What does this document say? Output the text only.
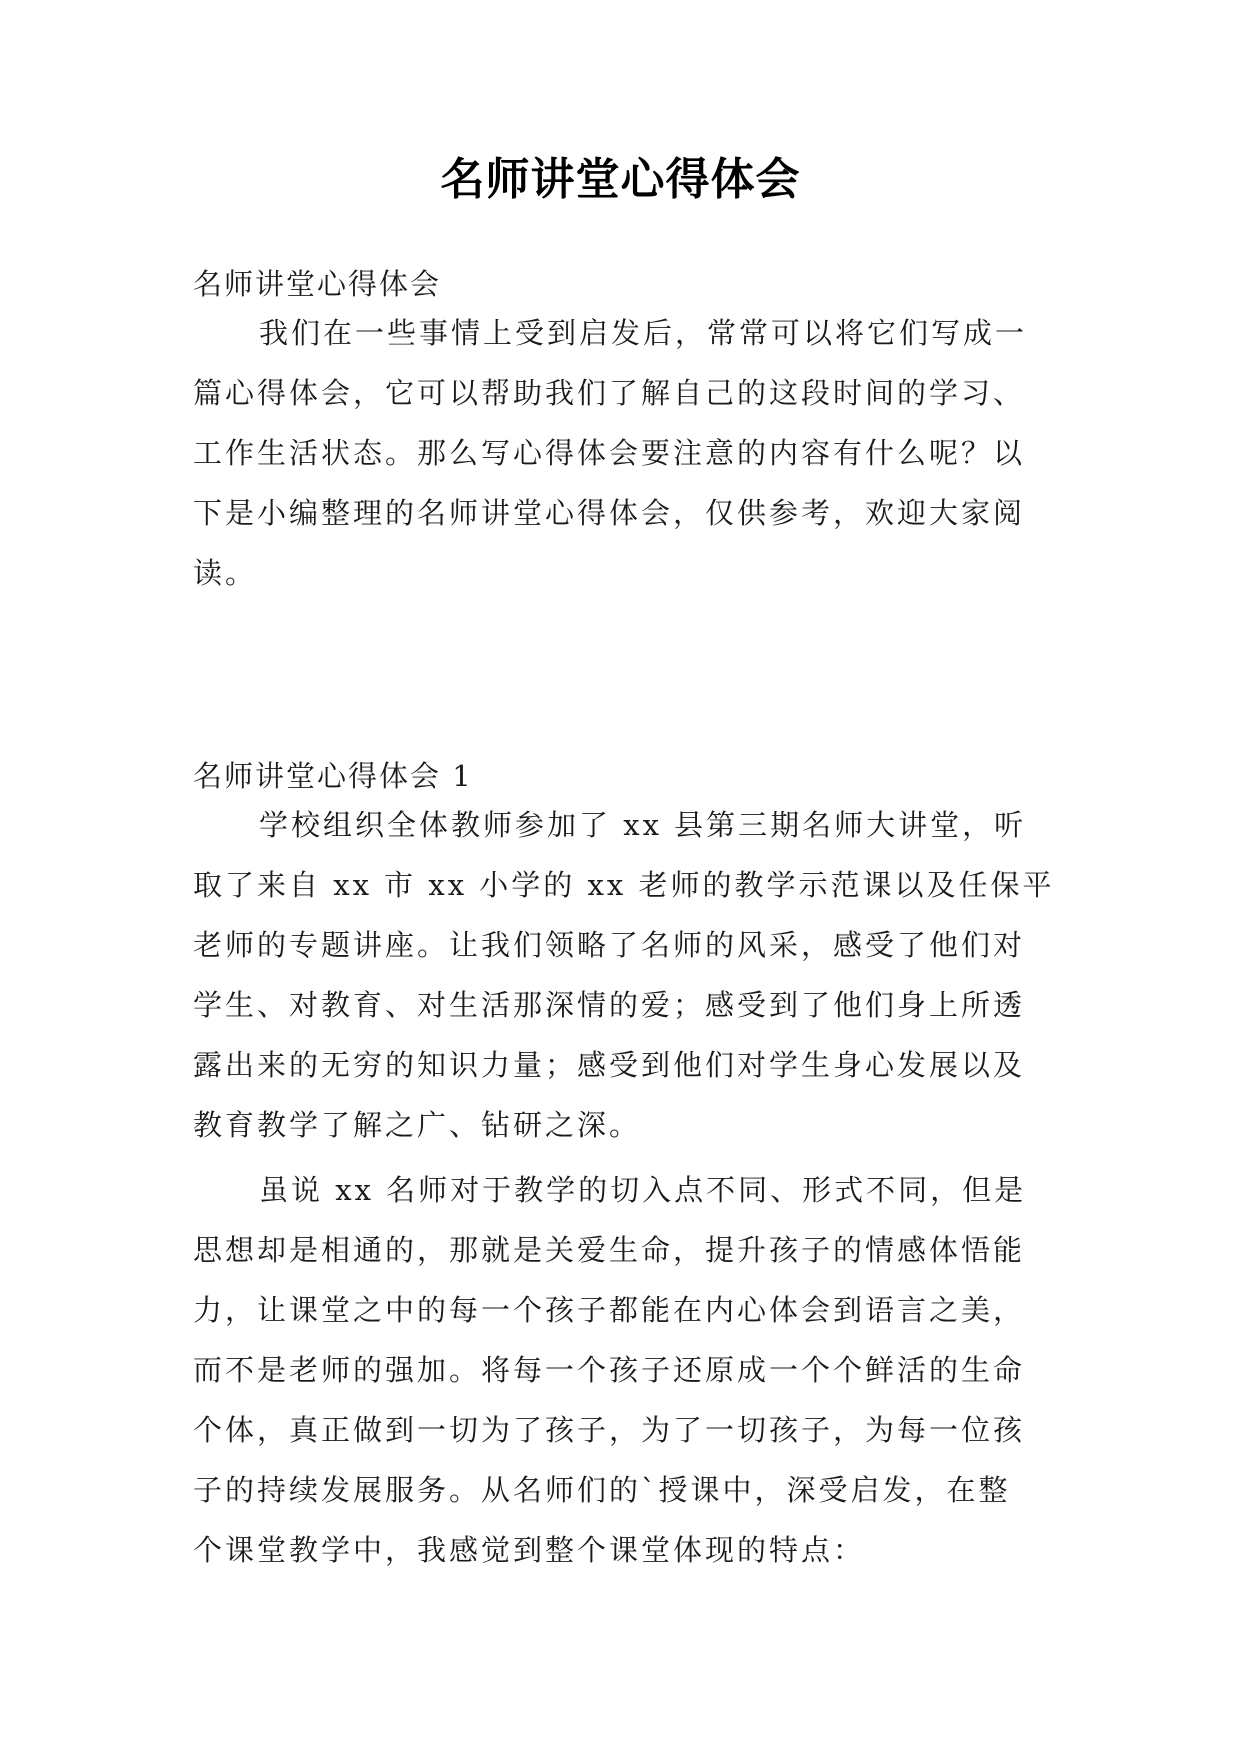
名师讲堂心得体会
名师讲堂心得体会
我们在一些事情上受到启发后，常常可以将它们写成一
篇心得体会，它可以帮助我们了解自己的这段时间的学习、
工作生活状态。那么写心得体会要注意的内容有什么呢？以
下是小编整理的名师讲堂心得体会，仅供参考，欢迎大家阅
读。
名师讲堂心得体会 1
学校组织全体教师参加了 xx 县第三期名师大讲堂，听
取了来自 xx 市 xx 小学的 xx 老师的教学示范课以及任保平
老师的专题讲座。让我们领略了名师的风采，感受了他们对
学生、对教育、对生活那深情的爱；感受到了他们身上所透
露出来的无穷的知识力量；感受到他们对学生身心发展以及
教育教学了解之广、钻研之深。
虽说 xx 名师对于教学的切入点不同、形式不同，但是
思想却是相通的，那就是关爱生命，提升孩子的情感体悟能
力，让课堂之中的每一个孩子都能在内心体会到语言之美，
而不是老师的强加。将每一个孩子还原成一个个鲜活的生命
个体，真正做到一切为了孩子，为了一切孩子，为每一位孩
子的持续发展服务。从名师们的`授课中，深受启发，在整
个课堂教学中，我感觉到整个课堂体现的特点：
